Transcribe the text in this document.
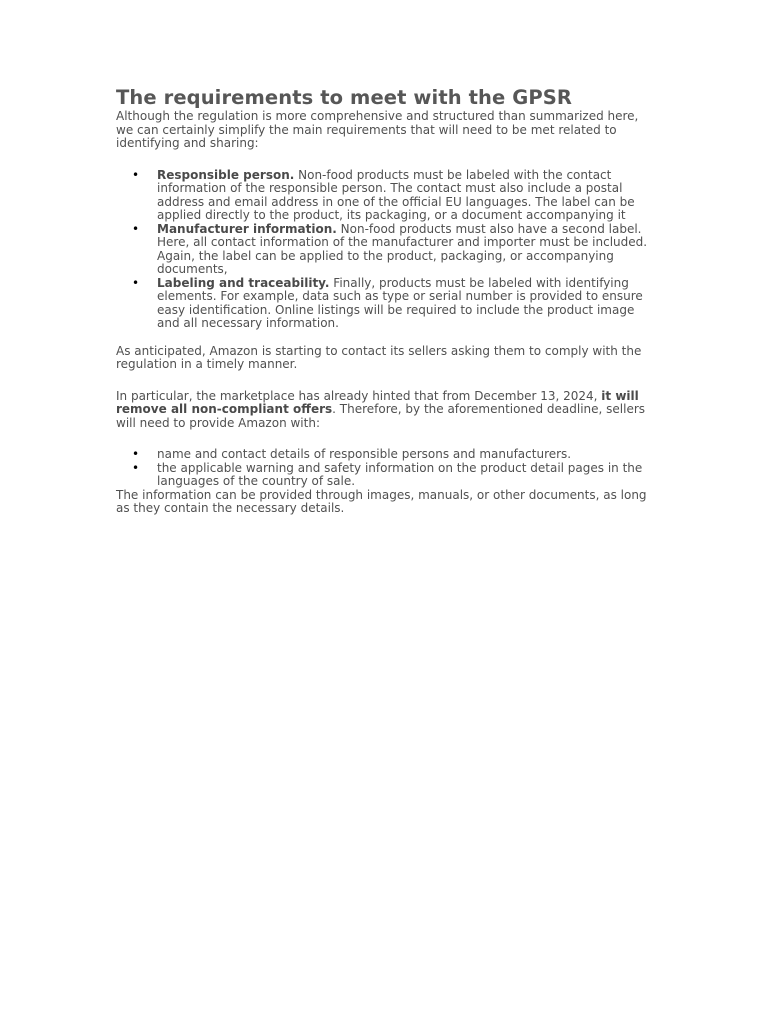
The requirements to meet with the GPSR

Although the regulation is more comprehensive and structured than summarized here, we can certainly simplify the main requirements that will need to be met related to identifying and sharing:

• Responsible person. Non-food products must be labeled with the contact information of the responsible person. The contact must also include a postal address and email address in one of the official EU languages. The label can be applied directly to the product, its packaging, or a document accompanying it
• Manufacturer information. Non-food products must also have a second label. Here, all contact information of the manufacturer and importer must be included. Again, the label can be applied to the product, packaging, or accompanying documents,
• Labeling and traceability. Finally, products must be labeled with identifying elements. For example, data such as type or serial number is provided to ensure easy identification. Online listings will be required to include the product image and all necessary information.

As anticipated, Amazon is starting to contact its sellers asking them to comply with the regulation in a timely manner.

In particular, the marketplace has already hinted that from December 13, 2024, it will remove all non-compliant offers. Therefore, by the aforementioned deadline, sellers will need to provide Amazon with:

• name and contact details of responsible persons and manufacturers.
• the applicable warning and safety information on the product detail pages in the languages of the country of sale.

The information can be provided through images, manuals, or other documents, as long as they contain the necessary details.
